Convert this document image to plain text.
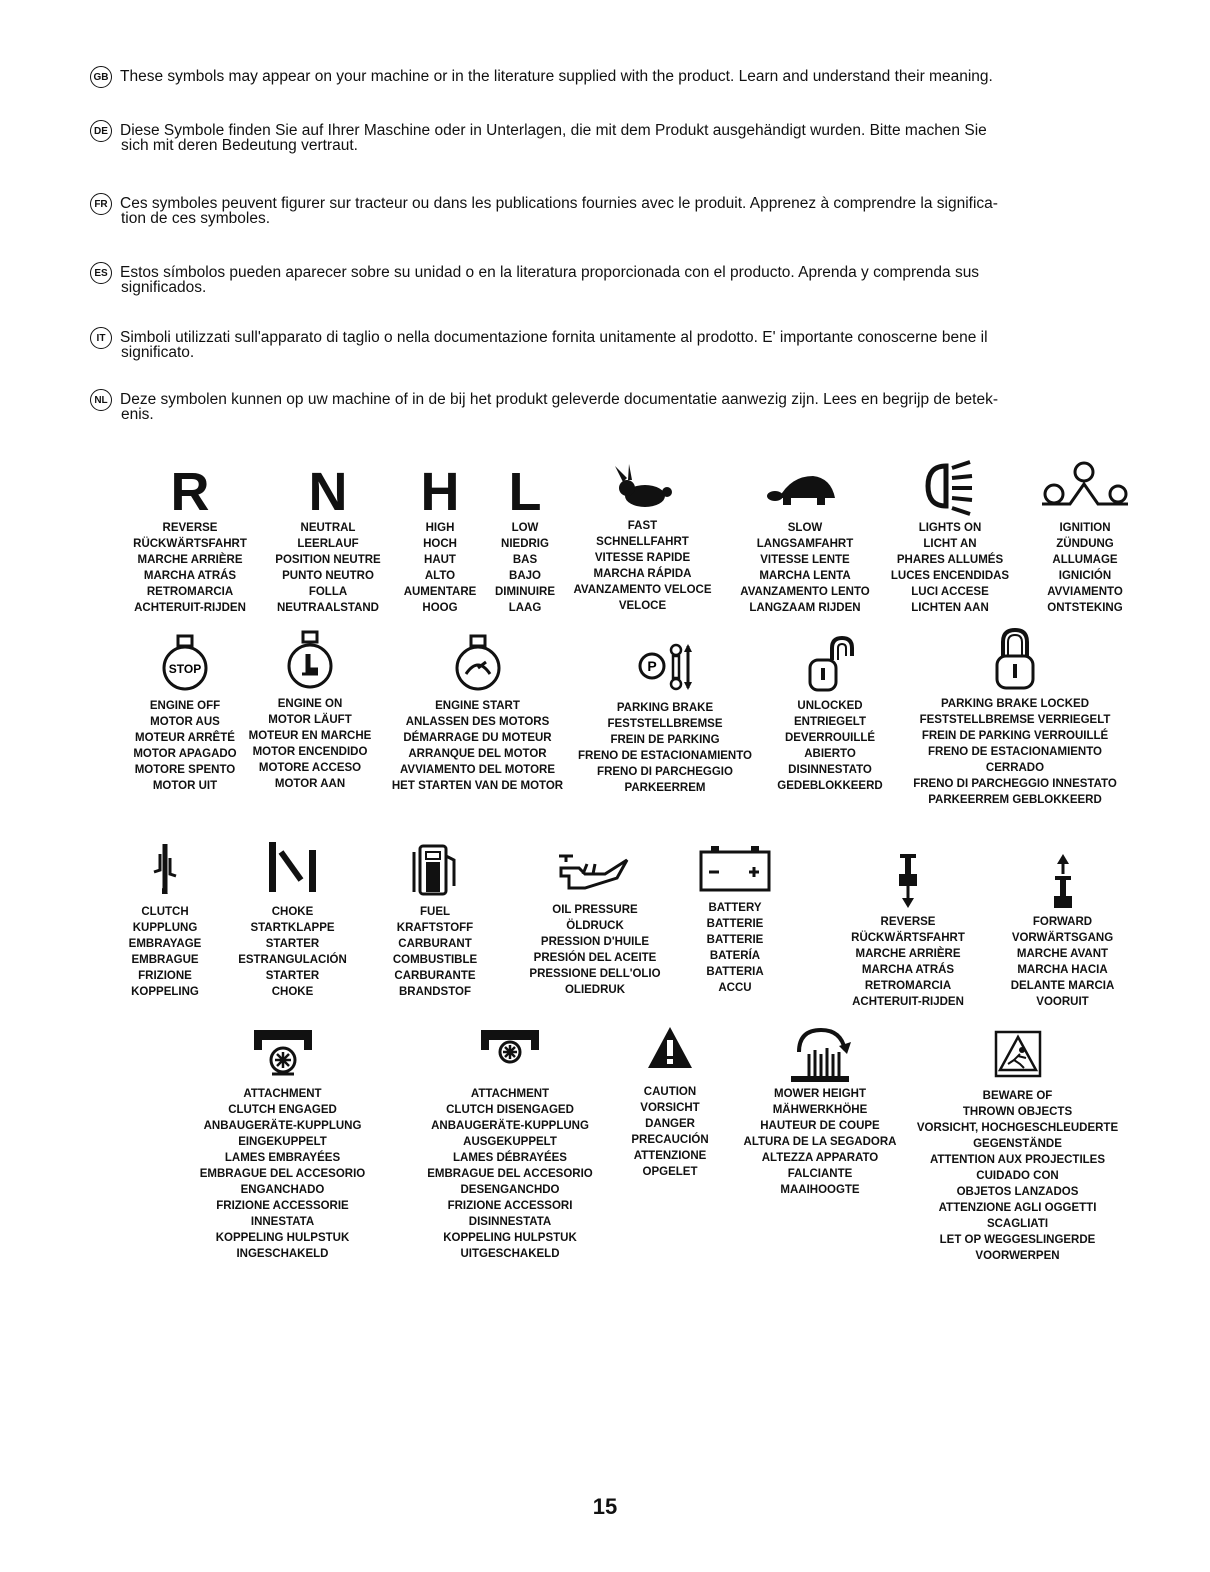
GB These symbols may appear on your machine or in the literature supplied with the product. Learn and understand their meaning.
DE Diese Symbole finden Sie auf Ihrer Maschine oder in Unterlagen, die mit dem Produkt ausgehändigt wurden. Bitte machen Sie
sich mit deren Bedeutung vertraut.
FR Ces symboles peuvent figurer sur tracteur ou dans les publications fournies avec le produit. Apprenez à comprendre la significa-
tion de ces symboles.
ES Estos símbolos pueden aparecer sobre su unidad o en la literatura proporcionada con el producto. Aprenda y comprenda sus
significados.
IT Simboli utilizzati sull'apparato di taglio o nella documentazione fornita unitamente al prodotto. E' importante conoscerne bene il
significato.
NL Deze symbolen kunnen op uw machine of in de bij het produkt geleverde documentatie aanwezig zijn. Lees en begrijp de betek-
enis.
R
REVERSE
RÜCKWÄRTSFAHRT
MARCHE ARRIÈRE
MARCHA ATRÁS
RETROMARCIA
ACHTERUIT-RIJDEN
N
NEUTRAL
LEERLAUF
POSITION NEUTRE
PUNTO NEUTRO
FOLLA
NEUTRAALSTAND
H
HIGH
HOCH
HAUT
ALTO
AUMENTARE
HOOG
L
LOW
NIEDRIG
BAS
BAJO
DIMINUIRE
LAAG
FAST
SCHNELLFAHRT
VITESSE RAPIDE
MARCHA RÁPIDA
AVANZAMENTO VELOCE
VELOCE
SLOW
LANGSAMFAHRT
VITESSE LENTE
MARCHA LENTA
AVANZAMENTO LENTO
LANGZAAM RIJDEN
LIGHTS ON
LICHT AN
PHARES ALLUMÉS
LUCES ENCENDIDAS
LUCI ACCESE
LICHTEN AAN
IGNITION
ZÜNDUNG
ALLUMAGE
IGNICIÓN
AVVIAMENTO
ONTSTEKING
STOP
ENGINE OFF
MOTOR AUS
MOTEUR ARRÊTÉ
MOTOR APAGADO
MOTORE SPENTO
MOTOR UIT
ENGINE ON
MOTOR LÄUFT
MOTEUR EN MARCHE
MOTOR ENCENDIDO
MOTORE ACCESO
MOTOR AAN
ENGINE START
ANLASSEN DES MOTORS
DÉMARRAGE DU MOTEUR
ARRANQUE DEL MOTOR
AVVIAMENTO DEL MOTORE
HET STARTEN VAN DE MOTOR
P
PARKING BRAKE
FESTSTELLBREMSE
FREIN DE PARKING
FRENO DE ESTACIONAMIENTO
FRENO DI PARCHEGGIO
PARKEERREM
UNLOCKED
ENTRIEGELT
DEVERROUILLÉ
ABIERTO
DISINNESTATO
GEDEBLOKKEERD
PARKING BRAKE LOCKED
FESTSTELLBREMSE VERRIEGELT
FREIN DE PARKING VERROUILLÉ
FRENO DE ESTACIONAMIENTO
CERRADO
FRENO DI PARCHEGGIO INNESTATO
PARKEERREM GEBLOKKEERD
CLUTCH
KUPPLUNG
EMBRAYAGE
EMBRAGUE
FRIZIONE
KOPPELING
CHOKE
STARTKLAPPE
STARTER
ESTRANGULACIÓN
STARTER
CHOKE
FUEL
KRAFTSTOFF
CARBURANT
COMBUSTIBLE
CARBURANTE
BRANDSTOF
OIL PRESSURE
ÖLDRUCK
PRESSION D'HUILE
PRESIÓN DEL ACEITE
PRESSIONE DELL'OLIO
OLIEDRUK
BATTERY
BATTERIE
BATTERIE
BATERÍA
BATTERIA
ACCU
REVERSE
RÜCKWÄRTSFAHRT
MARCHE ARRIÈRE
MARCHA ATRÁS
RETROMARCIA
ACHTERUIT-RIJDEN
FORWARD
VORWÄRTSGANG
MARCHE AVANT
MARCHA HACIA
DELANTE MARCIA
VOORUIT
ATTACHMENT
CLUTCH ENGAGED
ANBAUGERÄTE-KUPPLUNG
EINGEKUPPELT
LAMES EMBRAYÉES
EMBRAGUE DEL ACCESORIO
ENGANCHADO
FRIZIONE ACCESSORIE
INNESTATA
KOPPELING HULPSTUK
INGESCHAKELD
ATTACHMENT
CLUTCH DISENGAGED
ANBAUGERÄTE-KUPPLUNG
AUSGEKUPPELT
LAMES DÉBRAYÉES
EMBRAGUE DEL ACCESORIO
DESENGANCHDO
FRIZIONE ACCESSORI
DISINNESTATA
KOPPELING HULPSTUK
UITGESCHAKELD
CAUTION
VORSICHT
DANGER
PRECAUCIÓN
ATTENZIONE
OPGELET
MOWER HEIGHT
MÄHWERKHÖHE
HAUTEUR DE COUPE
ALTURA DE LA SEGADORA
ALTEZZA APPARATO
FALCIANTE
MAAIHOOGTE
BEWARE OF
THROWN OBJECTS
VORSICHT, HOCHGESCHLEUDERTE
GEGENSTÄNDE
ATTENTION AUX PROJECTILES
CUIDADO CON
OBJETOS LANZADOS
ATTENZIONE AGLI OGGETTI
SCAGLIATI
LET OP WEGGESLINGERDE
VOORWERPEN
15
